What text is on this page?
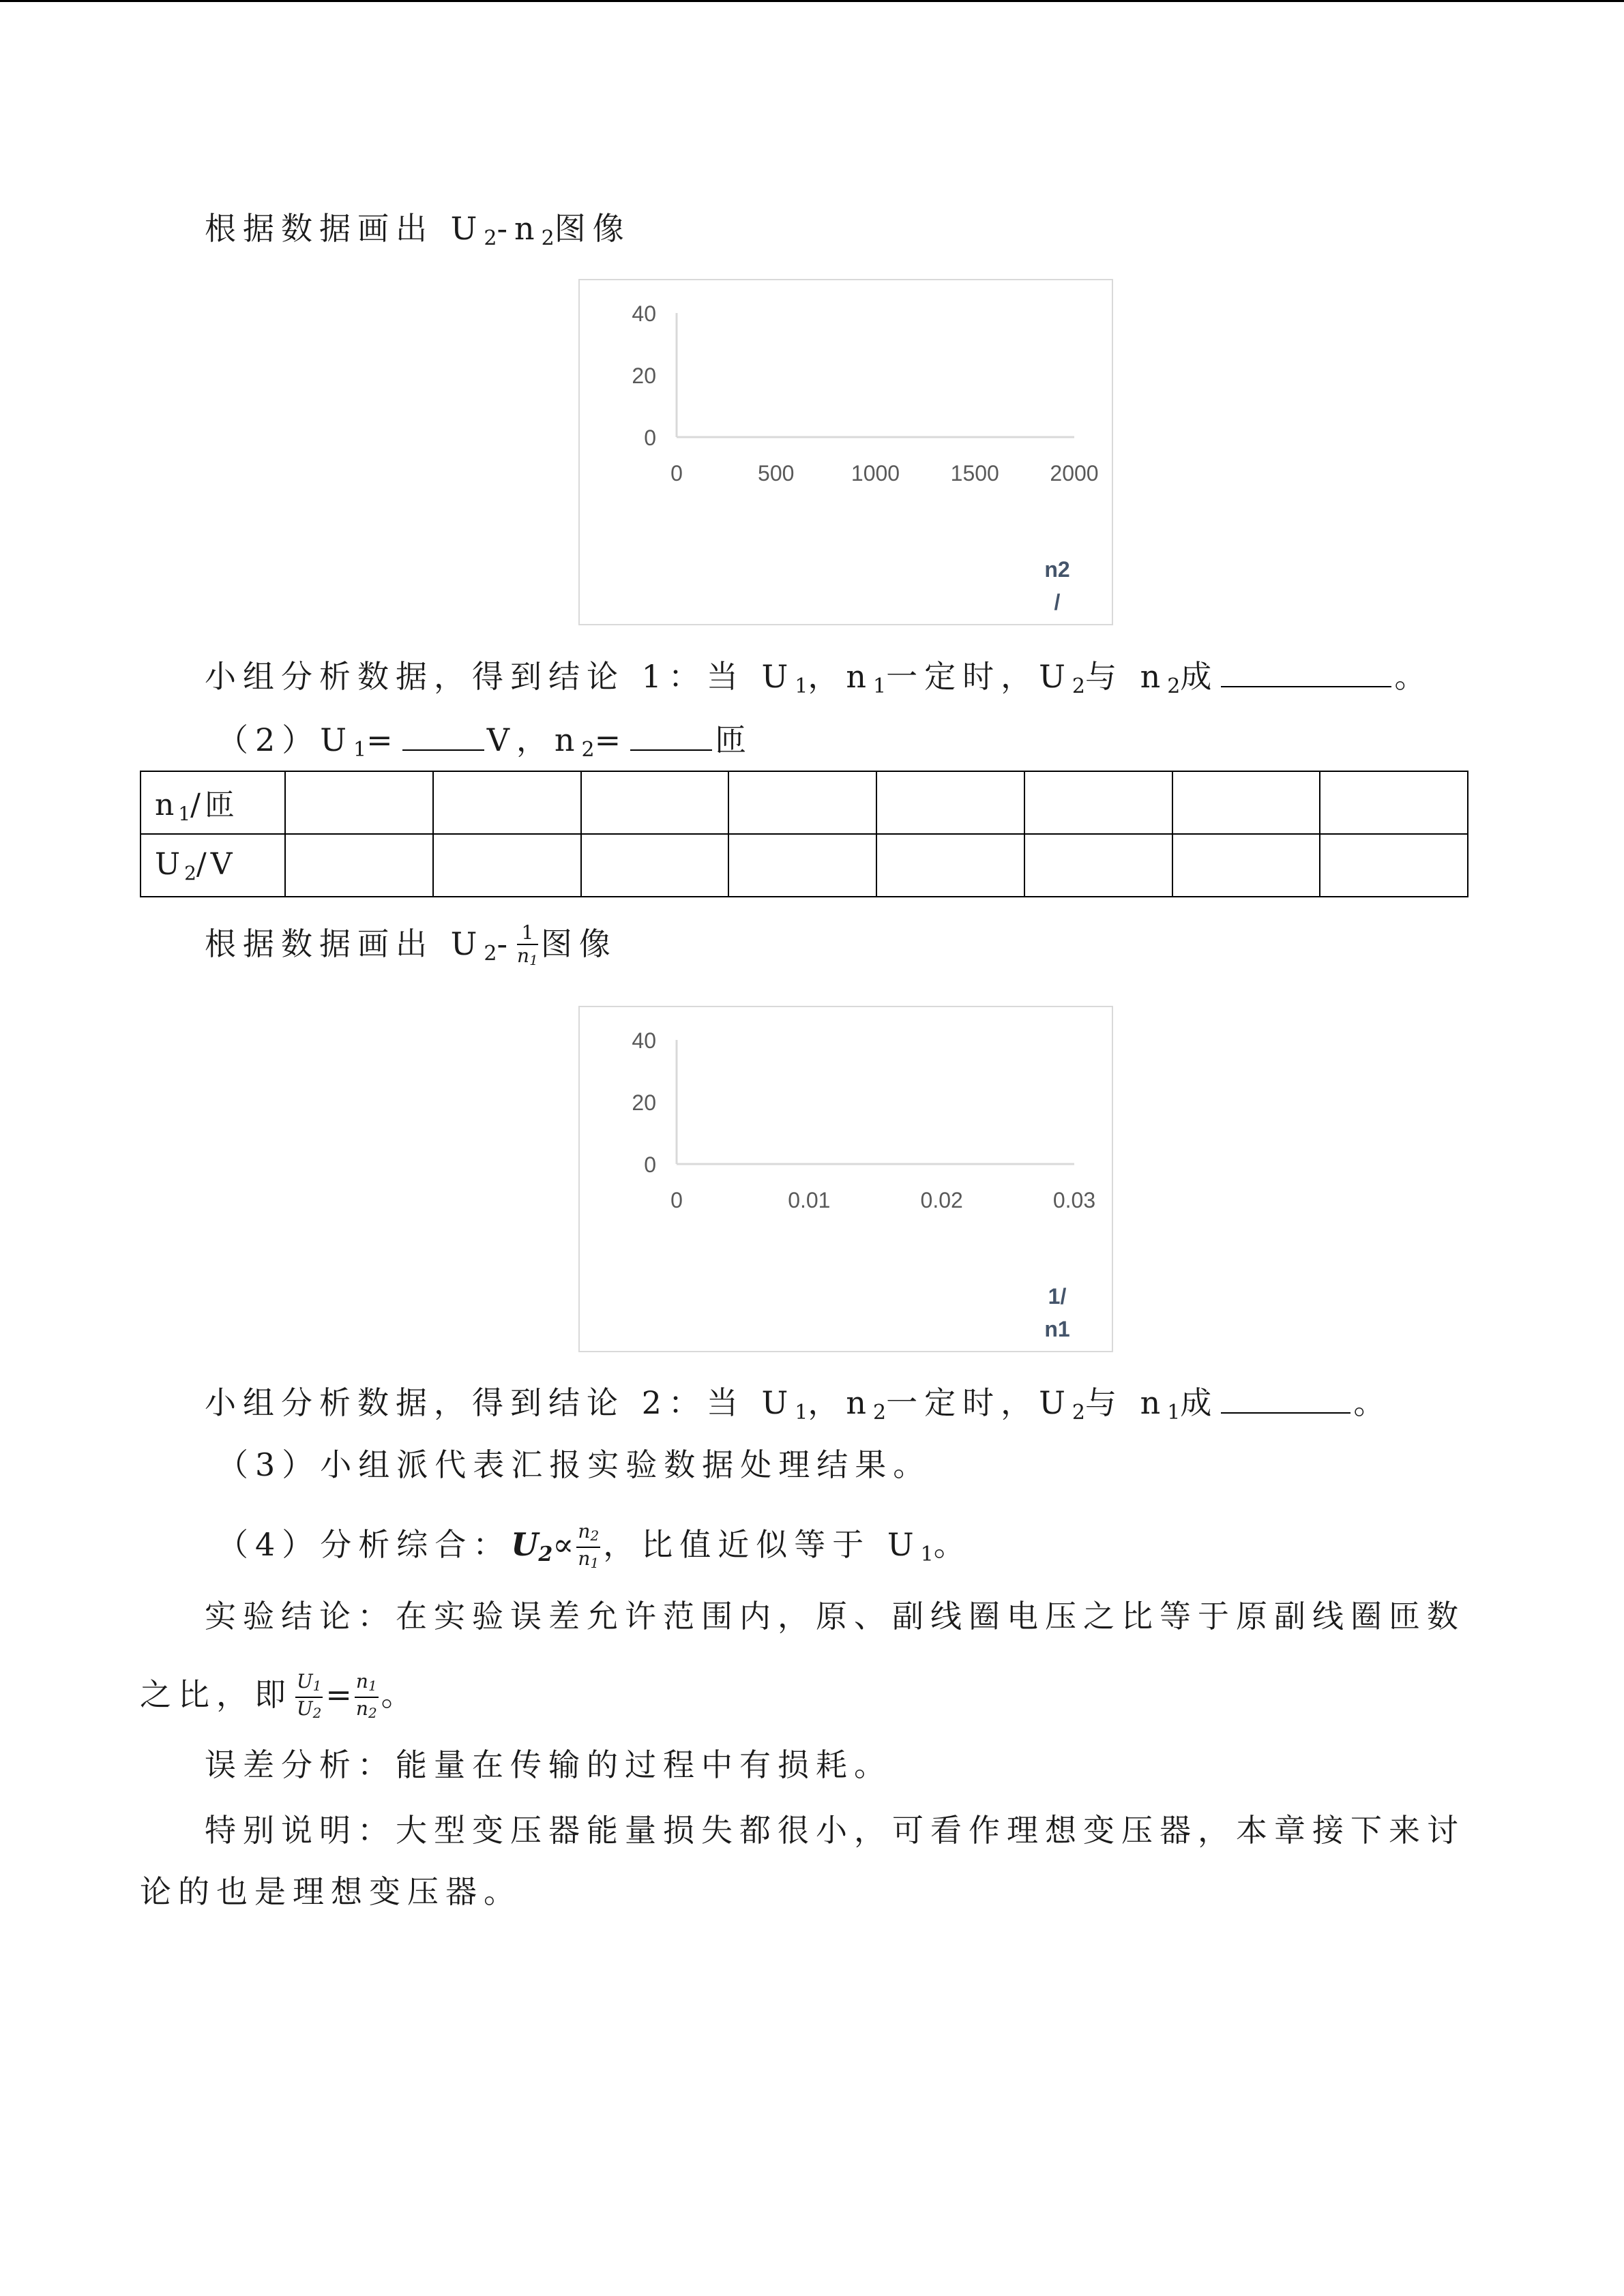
根据数据画出 $U_2-n_2$图像
0
20
40
0	500	1000 1500 2000
n2
/
小组分析数据，得到结论 1：当 $U_1$，$n_1$一定时，$U_2$与 $n_2$成	。
$(2)U_1=$	V，$n_2=$	匝
$n_1/$匝								
$U_2/V$								
根据数据画出 $U_2- \frac{1}{n_1}$ 图像
0
20
40
0	0.01	0.02	0.03
1/
n1
小组分析数据，得到结论 2：当 $U_1$，$n_2$一定时，$U_2$与 $n_1$成	。
（3）小组派代表汇报实验数据处理结果。
（4）分析综合：$U_2\propto \frac{n_2}{n_1}$ ，比值近似等于 $U_1$。
实验结论：在实验误差允许范围内，原、副线圈电压之比等于原副线圈匝数
之比，即 $\frac{U_1}{U_2} = \frac{n_1}{n_2}$ 。
误差分析：能量在传输的过程中有损耗。
特别说明：大型变压器能量损失都很小，可看作理想变压器，本章接下来讨
论的也是理想变压器。
